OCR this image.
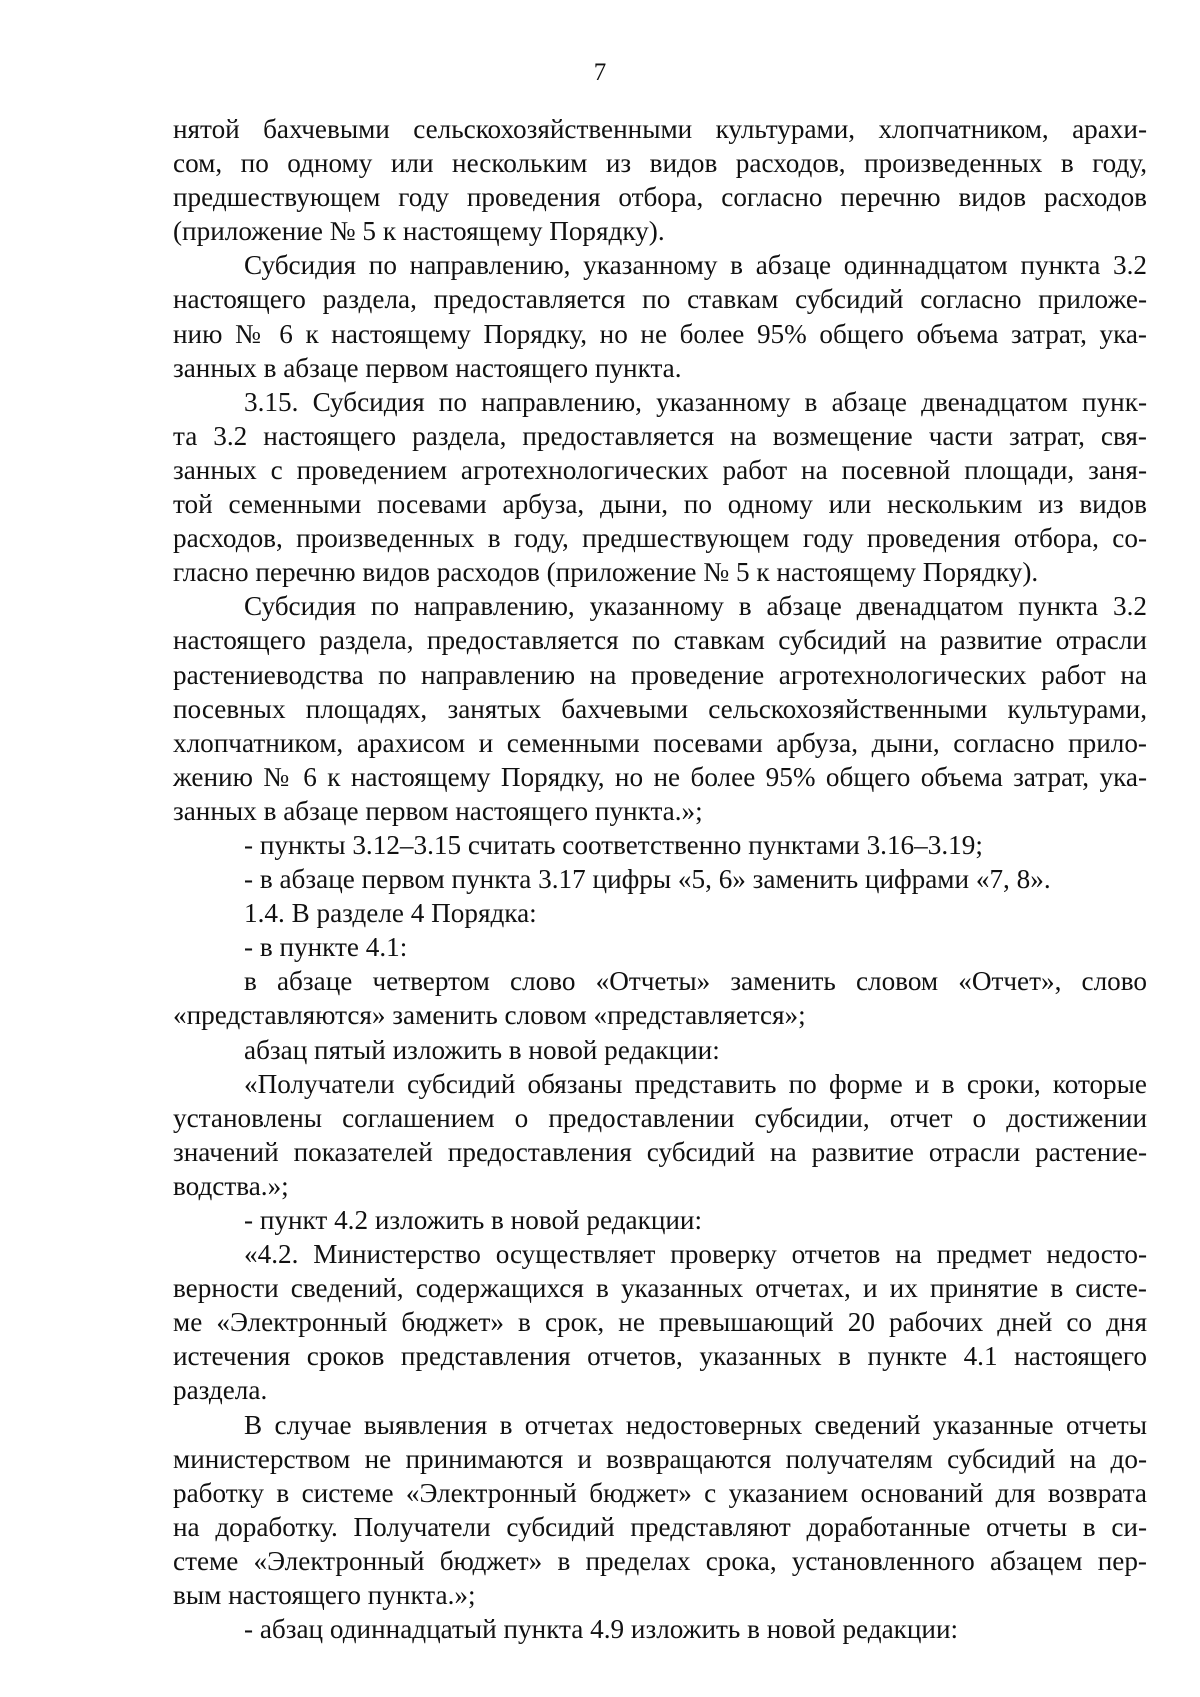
7
нятой бахчевыми сельскохозяйственными культурами, хлопчатником, арахи-
сом, по одному или нескольким из видов расходов, произведенных в году,
предшествующем году проведения отбора, согласно перечню видов расходов
(приложение № 5 к настоящему Порядку).
Субсидия по направлению, указанному в абзаце одиннадцатом пункта 3.2
настоящего раздела, предоставляется по ставкам субсидий согласно приложе-
нию № 6 к настоящему Порядку, но не более 95% общего объема затрат, ука-
занных в абзаце первом настоящего пункта.
3.15. Субсидия по направлению, указанному в абзаце двенадцатом пунк-
та 3.2 настоящего раздела, предоставляется на возмещение части затрат, свя-
занных с проведением агротехнологических работ на посевной площади, заня-
той семенными посевами арбуза, дыни, по одному или нескольким из видов
расходов, произведенных в году, предшествующем году проведения отбора, со-
гласно перечню видов расходов (приложение № 5 к настоящему Порядку).
Субсидия по направлению, указанному в абзаце двенадцатом пункта 3.2
настоящего раздела, предоставляется по ставкам субсидий на развитие отрасли
растениеводства по направлению на проведение агротехнологических работ на
посевных площадях, занятых бахчевыми сельскохозяйственными культурами,
хлопчатником, арахисом и семенными посевами арбуза, дыни, согласно прило-
жению № 6 к настоящему Порядку, но не более 95% общего объема затрат, ука-
занных в абзаце первом настоящего пункта.»;
- пункты 3.12–3.15 считать соответственно пунктами 3.16–3.19;
- в абзаце первом пункта 3.17 цифры «5, 6» заменить цифрами «7, 8».
1.4. В разделе 4 Порядка:
- в пункте 4.1:
в абзаце четвертом слово «Отчеты» заменить словом «Отчет», слово
«представляются» заменить словом «представляется»;
абзац пятый изложить в новой редакции:
«Получатели субсидий обязаны представить по форме и в сроки, которые
установлены соглашением о предоставлении субсидии, отчет о достижении
значений показателей предоставления субсидий на развитие отрасли растение-
водства.»;
- пункт 4.2 изложить в новой редакции:
«4.2. Министерство осуществляет проверку отчетов на предмет недосто-
верности сведений, содержащихся в указанных отчетах, и их принятие в систе-
ме «Электронный бюджет» в срок, не превышающий 20 рабочих дней со дня
истечения сроков представления отчетов, указанных в пункте 4.1 настоящего
раздела.
В случае выявления в отчетах недостоверных сведений указанные отчеты
министерством не принимаются и возвращаются получателям субсидий на до-
работку в системе «Электронный бюджет» с указанием оснований для возврата
на доработку. Получатели субсидий представляют доработанные отчеты в си-
стеме «Электронный бюджет» в пределах срока, установленного абзацем пер-
вым настоящего пункта.»;
- абзац одиннадцатый пункта 4.9 изложить в новой редакции:
